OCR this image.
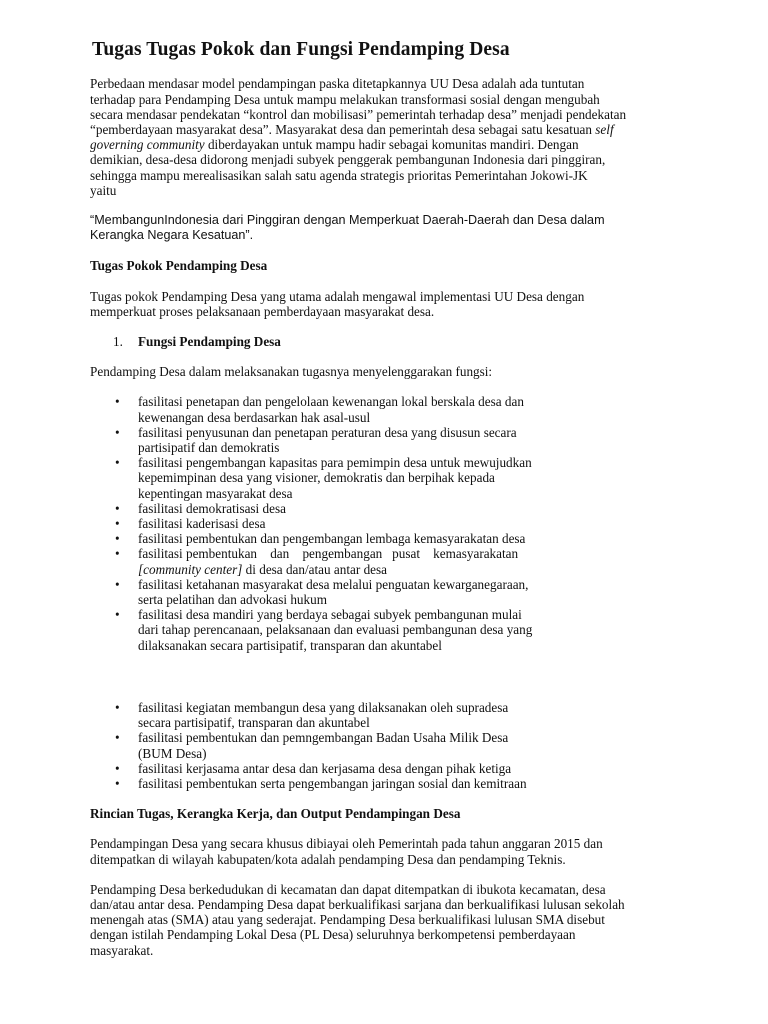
Tugas Tugas Pokok dan Fungsi Pendamping Desa

Perbedaan mendasar model pendampingan paska ditetapkannya UU Desa adalah ada tuntutan

terhadap para Pendamping Desa untuk mampu melakukan transformasi sosial dengan mengubah

secara mendasar pendekatan “kontrol dan mobilisasi” pemerintah terhadap desa” menjadi pendekatan

“pemberdayaan masyarakat desa”. Masyarakat desa dan pemerintah desa sebagai satu kesatuan self

governing community diberdayakan untuk mampu hadir sebagai komunitas mandiri. Dengan

demikian, desa-desa didorong menjadi subyek penggerak pembangunan Indonesia dari pinggiran,

sehingga mampu merealisasikan salah satu agenda strategis prioritas Pemerintahan Jokowi-JK

yaitu

“MembangunIndonesia dari Pinggiran dengan Memperkuat Daerah-Daerah dan Desa dalam

Kerangka Negara Kesatuan”.

Tugas Pokok Pendamping Desa

Tugas pokok Pendamping Desa yang utama adalah mengawal implementasi UU Desa dengan

memperkuat proses pelaksanaan pemberdayaan masyarakat desa.

1. Fungsi Pendamping Desa

Pendamping Desa dalam melaksanakan tugasnya menyelenggarakan fungsi:

• fasilitasi penetapan dan pengelolaan kewenangan lokal berskala desa dan
kewenangan desa berdasarkan hak asal-usul
• fasilitasi penyusunan dan penetapan peraturan desa yang disusun secara
partisipatif dan demokratis
• fasilitasi pengembangan kapasitas para pemimpin desa untuk mewujudkan
kepemimpinan desa yang visioner, demokratis dan berpihak kepada
kepentingan masyarakat desa
• fasilitasi demokratisasi desa
• fasilitasi kaderisasi desa
• fasilitasi pembentukan dan pengembangan lembaga kemasyarakatan desa
• fasilitasi pembentukan    dan    pengembangan   pusat    kemasyarakatan
[community center] di desa dan/atau antar desa
• fasilitasi ketahanan masyarakat desa melalui penguatan kewarganegaraan,
serta pelatihan dan advokasi hukum
• fasilitasi desa mandiri yang berdaya sebagai subyek pembangunan mulai
dari tahap perencanaan, pelaksanaan dan evaluasi pembangunan desa yang
dilaksanakan secara partisipatif, transparan dan akuntabel
• fasilitasi kegiatan membangun desa yang dilaksanakan oleh supradesa
secara partisipatif, transparan dan akuntabel
• fasilitasi pembentukan dan pemngembangan Badan Usaha Milik Desa
(BUM Desa)
• fasilitasi kerjasama antar desa dan kerjasama desa dengan pihak ketiga
• fasilitasi pembentukan serta pengembangan jaringan sosial dan kemitraan

Rincian Tugas, Kerangka Kerja, dan Output Pendampingan Desa

Pendampingan Desa yang secara khusus dibiayai oleh Pemerintah pada tahun anggaran 2015 dan

ditempatkan di wilayah kabupaten/kota adalah pendamping Desa dan pendamping Teknis.

Pendamping Desa berkedudukan di kecamatan dan dapat ditempatkan di ibukota kecamatan, desa

dan/atau antar desa. Pendamping Desa dapat berkualifikasi sarjana dan berkualifikasi lulusan sekolah

menengah atas (SMA) atau yang sederajat. Pendamping Desa berkualifikasi lulusan SMA disebut

dengan istilah Pendamping Lokal Desa (PL Desa) seluruhnya berkompetensi pemberdayaan

masyarakat.
